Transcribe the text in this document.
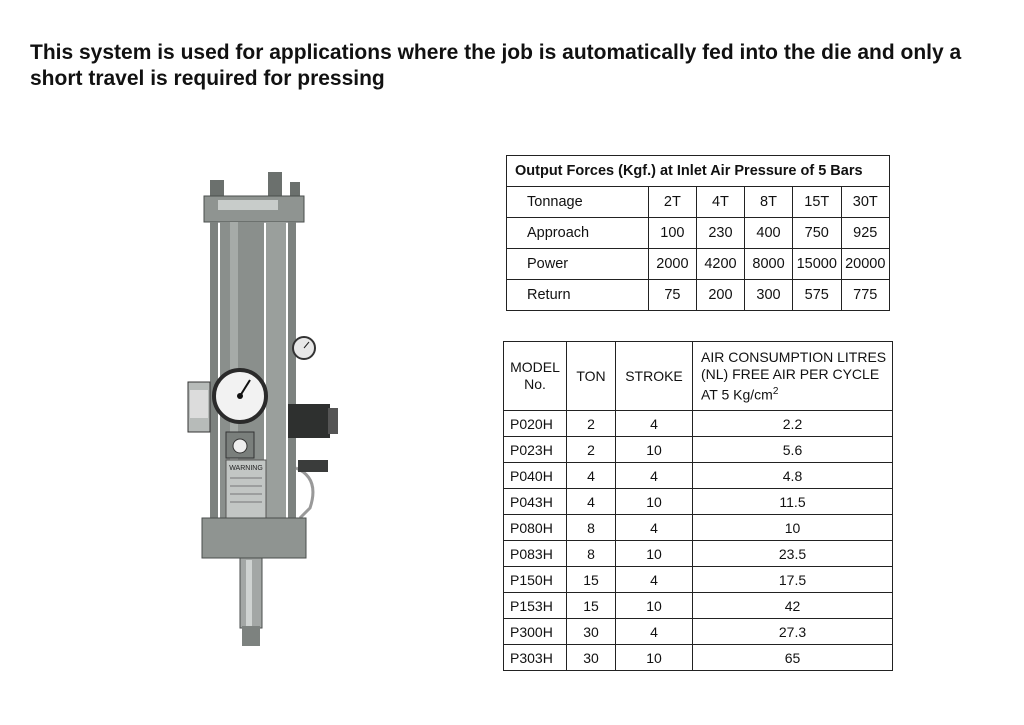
This system is used for applications where the job is automatically fed into the die and only a short travel is required for pressing

WARNING
Output Forces (Kgf.) at Inlet Air Pressure of 5 Bars					
Tonnage	2T	4T	8T	15T	30T
Approach	100	230	400	750	925
Power	2000	4200	8000	15000	20000
Return	75	200	300	575	775
MODEL No.	TON	STROKE	AIR CONSUMPTION LITRES (NL) FREE AIR PER CYCLE AT 5 $Kg/cm^2$
P020H	2	4	2.2
P023H	2	10	5.6
P040H	4	4	4.8
P043H	4	10	11.5
P080H	8	4	10
P083H	8	10	23.5
P150H	15	4	17.5
P153H	15	10	42
P300H	30	4	27.3
P303H	30	10	65
